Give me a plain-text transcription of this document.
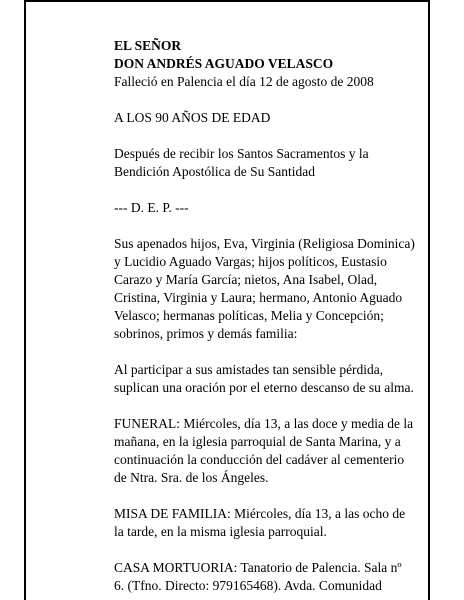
EL SEÑOR

DON ANDRÉS AGUADO VELASCO

Falleció en Palencia el día 12 de agosto de 2008

A LOS 90 AÑOS DE EDAD

Después de recibir los Santos Sacramentos y la

Bendición Apostólica de Su Santidad

--- D. E. P. ---

Sus apenados hijos, Eva, Virginia (Religiosa Dominica)

y Lucidio Aguado Vargas; hijos políticos, Eustasio

Carazo y María García; nietos, Ana Isabel, Olad,

Cristina, Virginia y Laura; hermano, Antonio Aguado

Velasco; hermanas políticas, Melia y Concepción;

sobrinos, primos y demás familia:

Al participar a sus amistades tan sensible pérdida,

suplican una oración por el eterno descanso de su alma.

FUNERAL: Miércoles, día 13, a las doce y media de la

mañana, en la iglesia parroquial de Santa Marina, y a

continuación la conducción del cadáver al cementerio

de Ntra. Sra. de los Ángeles.

MISA DE FAMILIA: Miércoles, día 13, a las ocho de

la tarde, en la misma iglesia parroquial.

CASA MORTUORIA: Tanatorio de Palencia. Sala nº

6. (Tfno. Directo: 979165468). Avda. Comunidad
